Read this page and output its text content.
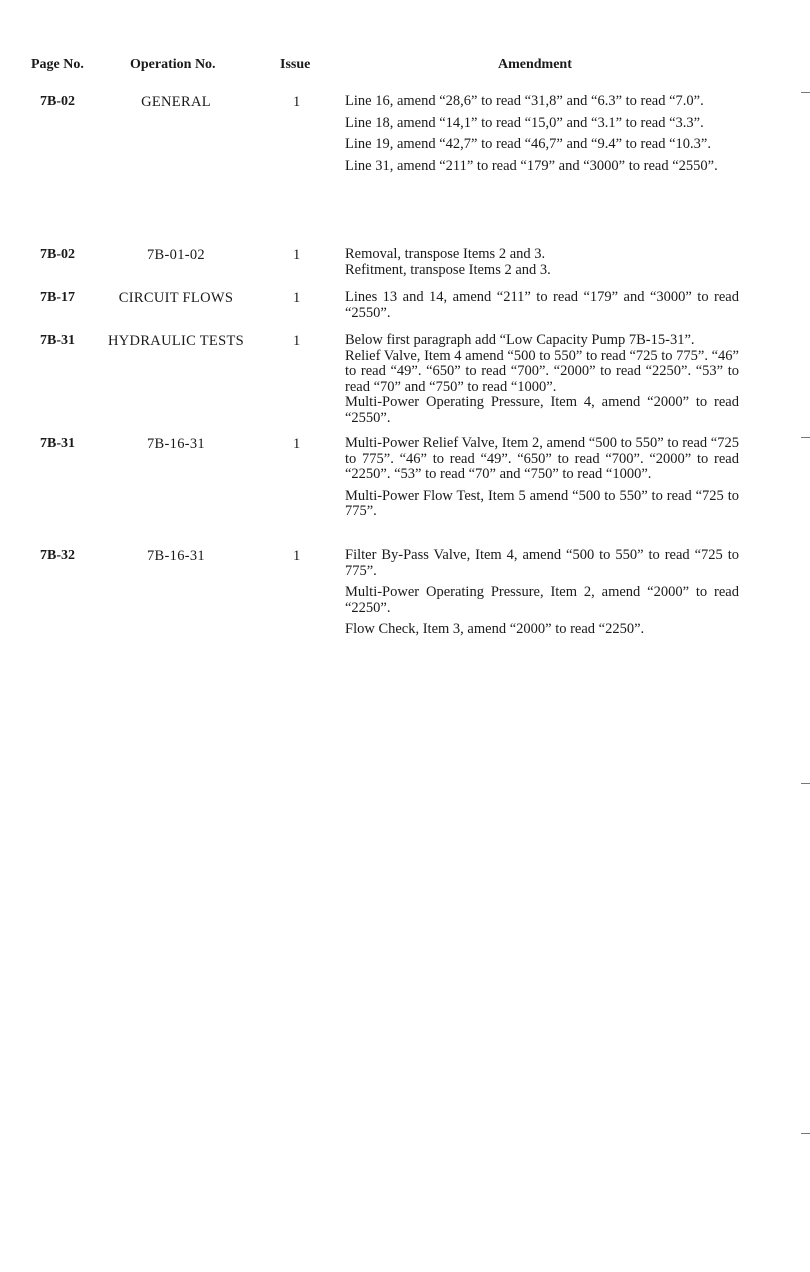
Page No.	Operation No.	Issue	Amendment
7B-02	GENERAL	1	Line 16, amend “28,6” to read “31,8” and “6.3” to read “7.0”.

Line 18, amend “14,1” to read “15,0” and “3.1” to read “3.3”.

Line 19, amend “42,7” to read “46,7” and “9.4” to read “10.3”.

Line 31, amend “211” to read “179” and “3000” to read “2550”.

7B-02	7B-01-02	1	Removal, transpose Items 2 and 3.

Refitment, transpose Items 2 and 3.

7B-17	CIRCUIT FLOWS	1	Lines 13 and 14, amend “211” to read “179” and “3000” to read “2550”.

7B-31	HYDRAULIC TESTS	1	Below first paragraph add “Low Capacity Pump 7B-15-31”.

Relief Valve, Item 4 amend “500 to 550” to read “725 to 775”. “46” to read “49”. “650” to read “700”. “2000” to read “2250”. “53” to read “70” and “750” to read “1000”.

Multi-Power Operating Pressure, Item 4, amend “2000” to read “2550”.

7B-31	7B-16-31	1	Multi-Power Relief Valve, Item 2, amend “500 to 550” to read “725 to 775”. “46” to read “49”. “650” to read “700”. “2000” to read “2250”. “53” to read “70” and “750” to read “1000”.

Multi-Power Flow Test, Item 5 amend “500 to 550” to read “725 to 775”.

7B-32	7B-16-31	1	Filter By-Pass Valve, Item 4, amend “500 to 550” to read “725 to 775”.

Multi-Power Operating Pressure, Item 2, amend “2000” to read “2250”.

Flow Check, Item 3, amend “2000” to read “2250”.
